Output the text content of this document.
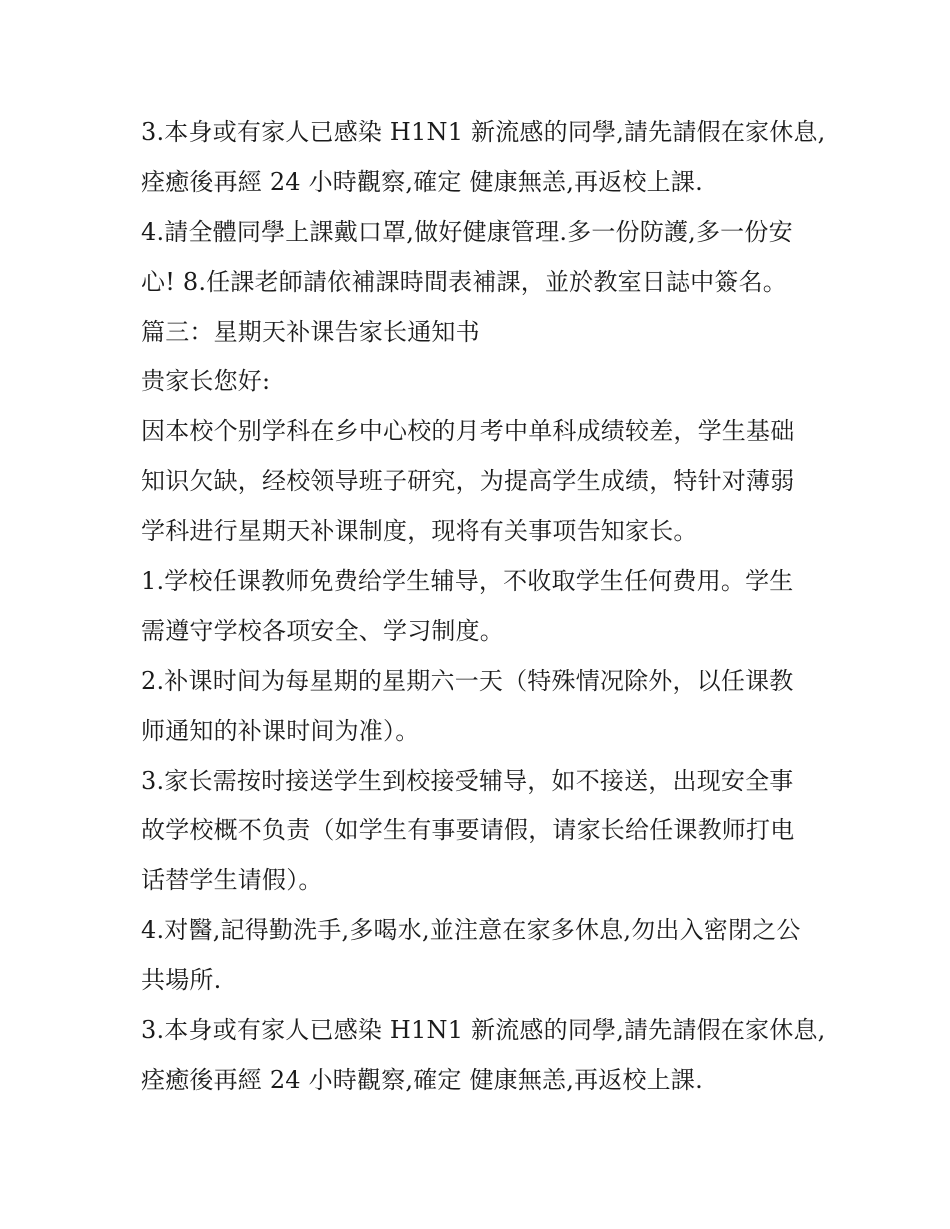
3.本身或有家人已感染 H1N1 新流感的同學,請先請假在家休息,

痊癒後再經 24 小時觀察,確定 健康無恙,再返校上課.

4.請全體同學上課戴口罩,做好健康管理.多一份防護,多一份安

心! 8.任課老師請依補課時間表補課，並於教室日誌中簽名。

篇三：星期天补课告家长通知书

贵家长您好:

因本校个别学科在乡中心校的月考中单科成绩较差，学生基础

知识欠缺，经校领导班子研究，为提高学生成绩，特针对薄弱

学科进行星期天补课制度，现将有关事项告知家长。

1.学校任课教师免费给学生辅导，不收取学生任何费用。学生

需遵守学校各项安全、学习制度。

2.补课时间为每星期的星期六一天（特殊情况除外，以任课教

师通知的补课时间为准）。

3.家长需按时接送学生到校接受辅导，如不接送，出现安全事

故学校概不负责（如学生有事要请假，请家长给任课教师打电

话替学生请假）。

4.对醫,記得勤洗手,多喝水,並注意在家多休息,勿出入密閉之公

共場所.

3.本身或有家人已感染 H1N1 新流感的同學,請先請假在家休息,

痊癒後再經 24 小時觀察,確定 健康無恙,再返校上課.
